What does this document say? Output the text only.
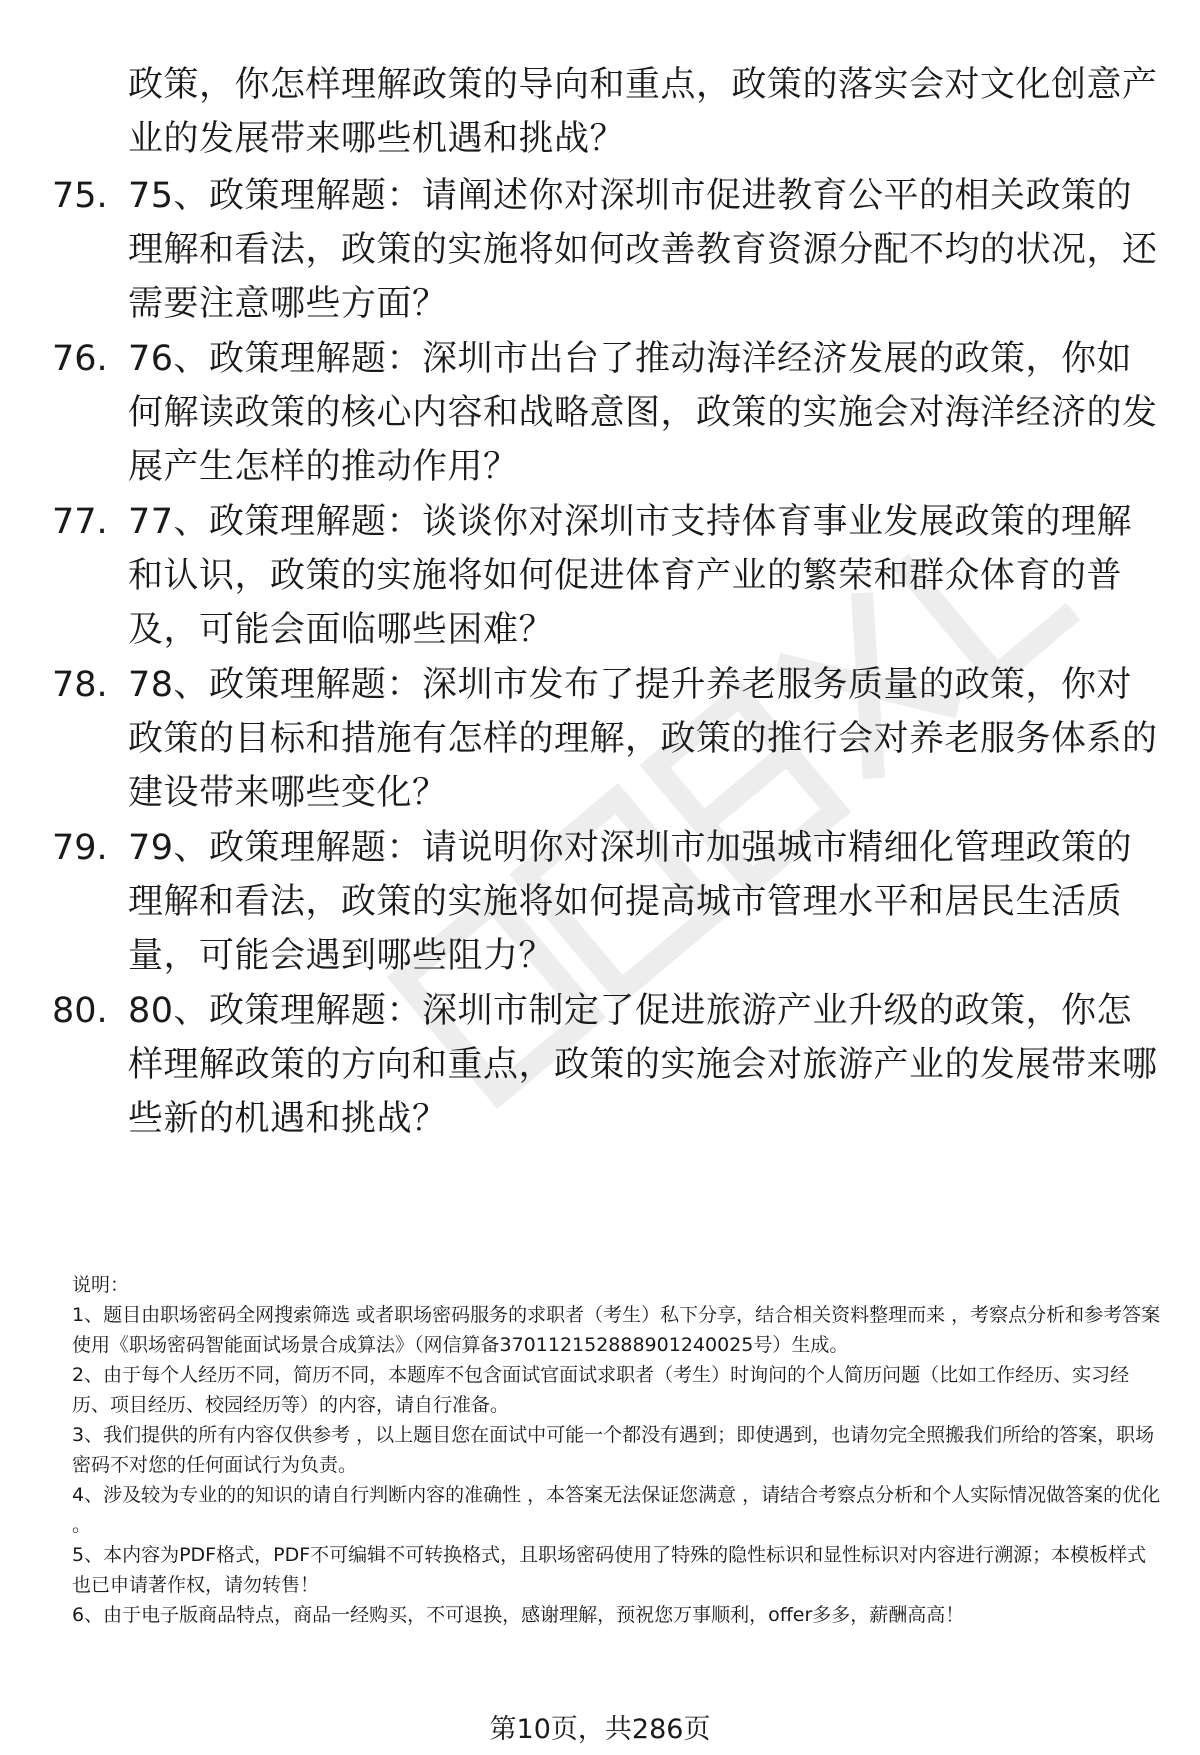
政策，你怎样理解政策的导向和重点，政策的落实会对文化创意产业的发展带来哪些机遇和挑战？

75. 75、政策理解题：请阐述你对深圳市促进教育公平的相关政策的理解和看法，政策的实施将如何改善教育资源分配不均的状况，还需要注意哪些方面？

76. 76、政策理解题：深圳市出台了推动海洋经济发展的政策，你如何解读政策的核心内容和战略意图，政策的实施会对海洋经济的发展产生怎样的推动作用？

77. 77、政策理解题：谈谈你对深圳市支持体育事业发展政策的理解和认识，政策的实施将如何促进体育产业的繁荣和群众体育的普及，可能会面临哪些困难？

78. 78、政策理解题：深圳市发布了提升养老服务质量的政策，你对政策的目标和措施有怎样的理解，政策的推行会对养老服务体系的建设带来哪些变化？

79. 79、政策理解题：请说明你对深圳市加强城市精细化管理政策的理解和看法，政策的实施将如何提高城市管理水平和居民生活质量，可能会遇到哪些阻力？

80. 80、政策理解题：深圳市制定了促进旅游产业升级的政策，你怎样理解政策的方向和重点，政策的实施会对旅游产业的发展带来哪些新的机遇和挑战？

说明：

1、题目由职场密码全网搜索筛选 或者职场密码服务的求职者（考生）私下分享，结合相关资料整理而来 ，考察点分析和参考答案使用《职场密码智能面试场景合成算法》（网信算备370112152888901240025号）生成。

2、由于每个人经历不同，简历不同，本题库不包含面试官面试求职者（考生）时询问的个人简历问题（比如工作经历、实习经历、项目经历、校园经历等）的内容，请自行准备。

3、我们提供的所有内容仅供参考 ，以上题目您在面试中可能一个都没有遇到；即使遇到，也请勿完全照搬我们所给的答案，职场密码不对您的任何面试行为负责。

4、涉及较为专业的的知识的请自行判断内容的准确性 ，本答案无法保证您满意 ，请结合考察点分析和个人实际情况做答案的优化 。

5、本内容为PDF格式，PDF不可编辑不可转换格式，且职场密码使用了特殊的隐性标识和显性标识对内容进行溯源；本模板样式也已申请著作权，请勿转售！

6、由于电子版商品特点，商品一经购买，不可退换，感谢理解，预祝您万事顺利，offer多多，薪酬高高！

第10页，共286页
